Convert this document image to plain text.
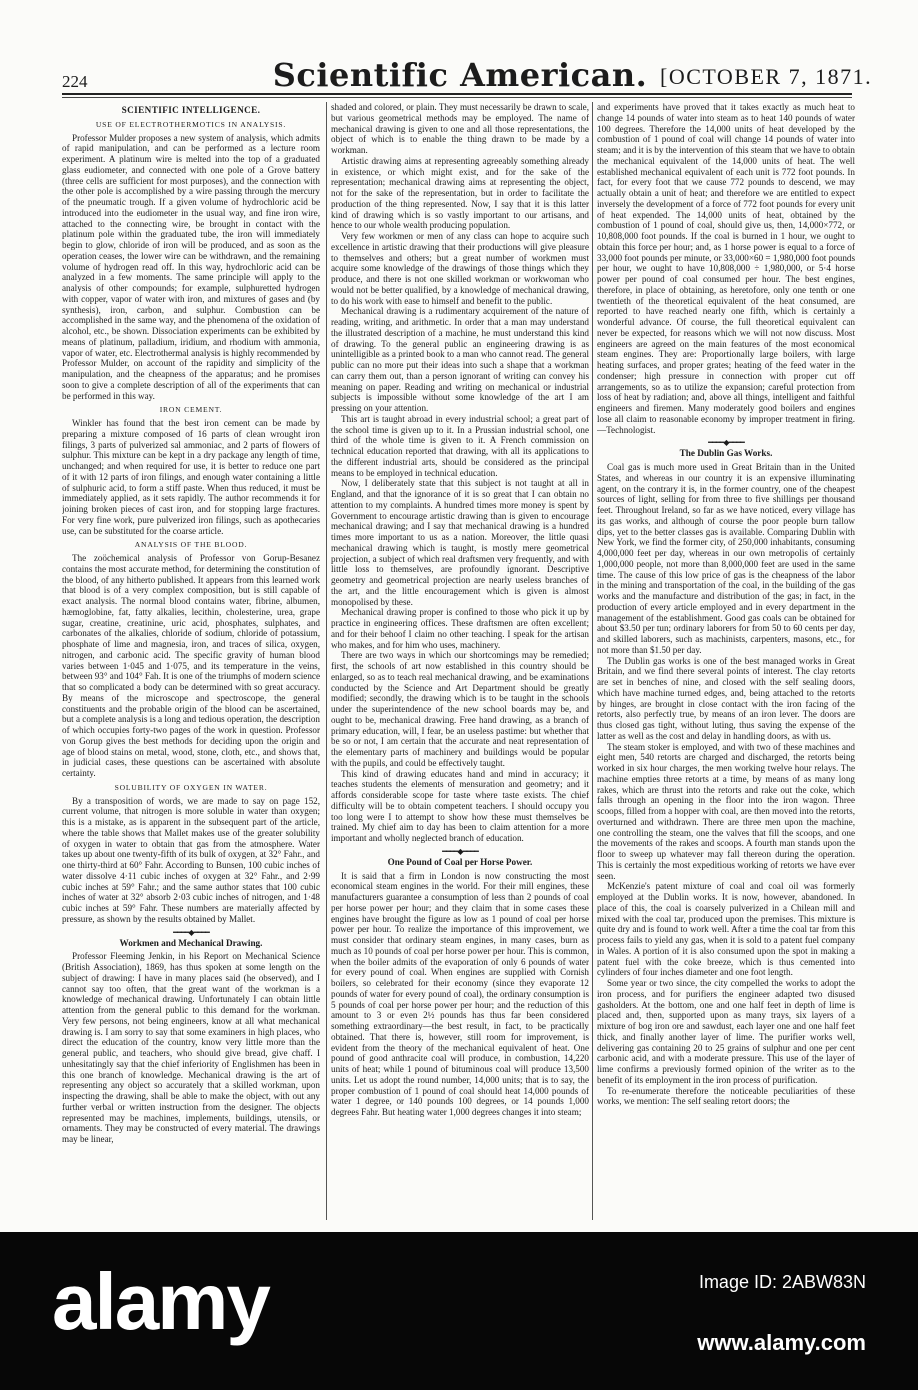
224	Scientific American. [OCTOBER 7, 1871.
SCIENTIFIC INTELLIGENCE.
USE OF ELECTROTHERMOTICS IN ANALYSIS.

Professor Mulder proposes a new system of analysis, which admits of rapid manipulation, and can be performed as a lecture room experiment. A platinum wire is melted into the top of a graduated glass eudiometer, and connected with one pole of a Grove battery (three cells are sufficient for most purposes), and the connection with the other pole is accomplished by a wire passing through the mercury of the pneumatic trough. If a given volume of hydrochloric acid be introduced into the eudiometer in the usual way, and fine iron wire, attached to the connecting wire, be brought in contact with the platinum pole within the graduated tube, the iron will immediately begin to glow, chloride of iron will be produced, and as soon as the operation ceases, the lower wire can be withdrawn, and the remaining volume of hydrogen read off. In this way, hydrochloric acid can be analyzed in a few moments. The same principle will apply to the analysis of other compounds; for example, sulphuretted hydrogen with copper, vapor of water with iron, and mixtures of gases and (by synthesis), iron, carbon, and sulphur. Combustion can be accomplished in the same way, and the phenomena of the oxidation of alcohol, etc., be shown. Dissociation experiments can be exhibited by means of platinum, palladium, iridium, and rhodium with ammonia, vapor of water, etc. Electrothermal analysis is highly recommended by Professor Mulder, on account of the rapidity and simplicity of the manipulation, and the cheapness of the apparatus; and he promises soon to give a complete description of all of the experiments that can be performed in this way.

IRON CEMENT.

Winkler has found that the best iron cement can be made by preparing a mixture composed of 16 parts of clean wrought iron filings, 3 parts of pulverized sal ammoniac, and 2 parts of flowers of sulphur. This mixture can be kept in a dry package any length of time, unchanged; and when required for use, it is better to reduce one part of it with 12 parts of iron filings, and enough water containing a little of sulphuric acid, to form a stiff paste. When thus reduced, it must be immediately applied, as it sets rapidly. The author recommends it for joining broken pieces of cast iron, and for stopping large fractures. For very fine work, pure pulverized iron filings, such as apothecaries use, can be substituted for the coarse article.

ANALYSIS OF THE BLOOD.

The zoöchemical analysis of Professor von Gorup-Besanez contains the most accurate method, for determining the constitution of the blood, of any hitherto published. It appears from this learned work that blood is of a very complex composition, but is still capable of exact analysis. The normal blood contains water, fibrine, albumen, hæmoglobine, fat, fatty alkalies, lecithin, cholesterine, urea, grape sugar, creatine, creatinine, uric acid, phosphates, sulphates, and carbonates of the alkalies, chloride of sodium, chloride of potassium, phosphate of lime and magnesia, iron, and traces of silica, oxygen, nitrogen, and carbonic acid. The specific gravity of human blood varies between 1·045 and 1·075, and its temperature in the veins, between 93° and 104° Fah. It is one of the triumphs of modern science that so complicated a body can be determined with so great accuracy. By means of the microscope and spectroscope, the general constituents and the probable origin of the blood can be ascertained, but a complete analysis is a long and tedious operation, the description of which occupies forty-two pages of the work in question. Professor von Gorup gives the best methods for deciding upon the origin and age of blood stains on metal, wood, stone, cloth, etc., and shows that, in judicial cases, these questions can be ascertained with absolute certainty.

SOLUBILITY OF OXYGEN IN WATER.

By a transposition of words, we are made to say on page 152, current volume, that nitrogen is more soluble in water than oxygen; this is a mistake, as is apparent in the subsequent part of the article, where the table shows that Mallet makes use of the greater solubility of oxygen in water to obtain that gas from the atmosphere. Water takes up about one twenty-fifth of its bulk of oxygen, at 32° Fahr., and one thirty-third at 60° Fahr. According to Bunsen, 100 cubic inches of water dissolve 4·11 cubic inches of oxygen at 32° Fahr., and 2·99 cubic inches at 59° Fahr.; and the same author states that 100 cubic inches of water at 32° absorb 2·03 cubic inches of nitrogen, and 1·48 cubic inches at 59° Fahr. These numbers are materially affected by pressure, as shown by the results obtained by Mallet.

━━━━◆━━━━
Workmen and Mechanical Drawing.

Professor Fleeming Jenkin, in his Report on Mechanical Science (British Association), 1869, has thus spoken at some length on the subject of drawing: I have in many places said (he observed), and I cannot say too often, that the great want of the workman is a knowledge of mechanical drawing. Unfortunately I can obtain little attention from the general public to this demand for the workman. Very few persons, not being engineers, know at all what mechanical drawing is. I am sorry to say that some examiners in high places, who direct the education of the country, know very little more than the general public, and teachers, who should give bread, give chaff. I unhesitatingly say that the chief inferiority of Englishmen has been in this one branch of knowledge. Mechanical drawing is the art of representing any object so accurately that a skilled workman, upon inspecting the drawing, shall be able to make the object, with out any further verbal or written instruction from the designer. The objects represented may be machines, implements, buildings, utensils, or ornaments. They may be constructed of every material. The drawings may be linear,

shaded and colored, or plain. They must necessarily be drawn to scale, but various geometrical methods may be employed. The name of mechanical drawing is given to one and all those representations, the object of which is to enable the thing drawn to be made by a workman.

Artistic drawing aims at representing agreeably something already in existence, or which might exist, and for the sake of the representation; mechanical drawing aims at representing the object, not for the sake of the representation, but in order to facilitate the production of the thing represented. Now, I say that it is this latter kind of drawing which is so vastly important to our artisans, and hence to our whole wealth producing population.

Very few workmen or men of any class can hope to acquire such excellence in artistic drawing that their productions will give pleasure to themselves and others; but a great number of workmen must acquire some knowledge of the drawings of those things which they produce, and there is not one skilled workman or workwoman who would not be better qualified, by a knowledge of mechanical drawing, to do his work with ease to himself and benefit to the public.

Mechanical drawing is a rudimentary acquirement of the nature of reading, writing, and arithmetic. In order that a man may understand the illustrated description of a machine, he must understand this kind of drawing. To the general public an engineering drawing is as unintelligible as a printed book to a man who cannot read. The general public can no more put their ideas into such a shape that a workman can carry them out, than a person ignorant of writing can convey his meaning on paper. Reading and writing on mechanical or industrial subjects is impossible without some knowledge of the art I am pressing on your attention.

This art is taught abroad in every industrial school; a great part of the school time is given up to it. In a Prussian industrial school, one third of the whole time is given to it. A French commission on technical education reported that drawing, with all its applications to the different industrial arts, should be considered as the principal means to be employed in technical education.

Now, I deliberately state that this subject is not taught at all in England, and that the ignorance of it is so great that I can obtain no attention to my complaints. A hundred times more money is spent by Government to encourage artistic drawing than is given to encourage mechanical drawing; and I say that mechanical drawing is a hundred times more important to us as a nation. Moreover, the little quasi mechanical drawing which is taught, is mostly mere geometrical projection, a subject of which real draftsmen very frequently, and with little loss to themselves, are profoundly ignorant. Descriptive geometry and geometrical projection are nearly useless branches of the art, and the little encouragement which is given is almost monopolised by these.

Mechanical drawing proper is confined to those who pick it up by practice in engineering offices. These draftsmen are often excellent; and for their behoof I claim no other teaching. I speak for the artisan who makes, and for him who uses, machinery.

There are two ways in which our shortcomings may be remedied; first, the schools of art now established in this country should be enlarged, so as to teach real mechanical drawing, and be examinations conducted by the Science and Art Department should be greatly modified; secondly, the drawing which is to be taught in the schools under the superintendence of the new school boards may be, and ought to be, mechanical drawing. Free hand drawing, as a branch of primary education, will, I fear, be an useless pastime: but whether that be so or not, I am certain that the accurate and neat representation of the elementary parts of machinery and buildings would be popular with the pupils, and could be effectively taught.

This kind of drawing educates hand and mind in accuracy; it teaches students the elements of mensuration and geometry; and it affords considerable scope for taste where taste exists. The chief difficulty will be to obtain competent teachers. I should occupy you too long were I to attempt to show how these must themselves be trained. My chief aim to day has been to claim attention for a more important and wholly neglected branch of education.

━━━━◆━━━━
One Pound of Coal per Horse Power.

It is said that a firm in London is now constructing the most economical steam engines in the world. For their mill engines, these manufacturers guarantee a consumption of less than 2 pounds of coal per horse power per hour; and they claim that in some cases these engines have brought the figure as low as 1 pound of coal per horse power per hour. To realize the importance of this improvement, we must consider that ordinary steam engines, in many cases, burn as much as 10 pounds of coal per horse power per hour. This is common, when the boiler admits of the evaporation of only 6 pounds of water for every pound of coal. When engines are supplied with Cornish boilers, so celebrated for their economy (since they evaporate 12 pounds of water for every pound of coal), the ordinary consumption is 5 pounds of coal per horse power per hour; and the reduction of this amount to 3 or even 2½ pounds has thus far been considered something extraordinary—the best result, in fact, to be practically obtained. That there is, however, still room for improvement, is evident from the theory of the mechanical equivalent of heat. One pound of good anthracite coal will produce, in combustion, 14,220 units of heat; while 1 pound of bituminous coal will produce 13,500 units. Let us adopt the round number, 14,000 units; that is to say, the proper combustion of 1 pound of coal should heat 14,000 pounds of water 1 degree, or 140 pounds 100 degrees, or 14 pounds 1,000 degrees Fahr. But heating water 1,000 degrees changes it into steam;

and experiments have proved that it takes exactly as much heat to change 14 pounds of water into steam as to heat 140 pounds of water 100 degrees. Therefore the 14,000 units of heat developed by the combustion of 1 pound of coal will change 14 pounds of water into steam; and it is by the intervention of this steam that we have to obtain the mechanical equivalent of the 14,000 units of heat. The well established mechanical equivalent of each unit is 772 foot pounds. In fact, for every foot that we cause 772 pounds to descend, we may actually obtain a unit of heat; and therefore we are entitled to expect inversely the development of a force of 772 foot pounds for every unit of heat expended. The 14,000 units of heat, obtained by the combustion of 1 pound of coal, should give us, then, 14,000×772, or 10,808,000 foot pounds. If the coal is burned in 1 hour, we ought to obtain this force per hour; and, as 1 horse power is equal to a force of 33,000 foot pounds per minute, or 33,000×60 = 1,980,000 foot pounds per hour, we ought to have 10,808,000 ÷ 1,980,000, or 5·4 horse power per pound of coal consumed per hour. The best engines, therefore, in place of obtaining, as heretofore, only one tenth or one twentieth of the theoretical equivalent of the heat consumed, are reported to have reached nearly one fifth, which is certainly a wonderful advance. Of course, the full theoretical equivalent can never be expected, for reasons which we will not now discuss. Most engineers are agreed on the main features of the most economical steam engines. They are: Proportionally large boilers, with large heating surfaces, and proper grates; heating of the feed water in the condenser; high pressure in connection with proper cut off arrangements, so as to utilize the expansion; careful protection from loss of heat by radiation; and, above all things, intelligent and faithful engineers and firemen. Many moderately good boilers and engines lose all claim to reasonable economy by improper treatment in firing.—Technologist.

━━━━◆━━━━
The Dublin Gas Works.

Coal gas is much more used in Great Britain than in the United States, and whereas in our country it is an expensive illuminating agent, on the contrary it is, in the former country, one of the cheapest sources of light, selling for from three to five shillings per thousand feet. Throughout Ireland, so far as we have noticed, every village has its gas works, and although of course the poor people burn tallow dips, yet to the better classes gas is available. Comparing Dublin with New York, we find the former city, of 250,000 inhabitants, consuming 4,000,000 feet per day, whereas in our own metropolis of certainly 1,000,000 people, not more than 8,000,000 feet are used in the same time. The cause of this low price of gas is the cheapness of the labor in the mining and transportation of the coal, in the building of the gas works and the manufacture and distribution of the gas; in fact, in the production of every article employed and in every department in the management of the establishment. Good gas coals can be obtained for about $3.50 per tun; ordinary laborers for from 50 to 60 cents per day, and skilled laborers, such as machinists, carpenters, masons, etc., for not more than $1.50 per day.

The Dublin gas works is one of the best managed works in Great Britain, and we find there several points of interest. The clay retorts are set in benches of nine, and closed with the self sealing doors, which have machine turned edges, and, being attached to the retorts by hinges, are brought in close contact with the iron facing of the retorts, also perfectly true, by means of an iron lever. The doors are thus closed gas tight, without luting, thus saving the expense of the latter as well as the cost and delay in handling doors, as with us.

The steam stoker is employed, and with two of these machines and eight men, 540 retorts are charged and discharged, the retorts being worked in six hour charges, the men working twelve hour relays. The machine empties three retorts at a time, by means of as many long rakes, which are thrust into the retorts and rake out the coke, which falls through an opening in the floor into the iron wagon. Three scoops, filled from a hopper with coal, are then moved into the retorts, overturned and withdrawn. There are three men upon the machine, one controlling the steam, one the valves that fill the scoops, and one the movements of the rakes and scoops. A fourth man stands upon the floor to sweep up whatever may fall thereon during the operation. This is certainly the most expeditious working of retorts we have ever seen.

McKenzie's patent mixture of coal and coal oil was formerly employed at the Dublin works. It is now, however, abandoned. In place of this, the coal is coarsely pulverized in a Chilean mill and mixed with the coal tar, produced upon the premises. This mixture is quite dry and is found to work well. After a time the coal tar from this process fails to yield any gas, when it is sold to a patent fuel company in Wales. A portion of it is also consumed upon the spot in making a patent fuel with the coke breeze, which is thus cemented into cylinders of four inches diameter and one foot length.

Some year or two since, the city compelled the works to adopt the iron process, and for purifiers the engineer adapted two disused gasholders. At the bottom, one and one half feet in depth of lime is placed and, then, supported upon as many trays, six layers of a mixture of bog iron ore and sawdust, each layer one and one half feet thick, and finally another layer of lime. The purifier works well, delivering gas containing 20 to 25 grains of sulphur and one per cent carbonic acid, and with a moderate pressure. This use of the layer of lime confirms a previously formed opinion of the writer as to the benefit of its employment in the iron process of purification.

To re-enumerate therefore the noticeable peculiarities of these works, we mention: The self sealing retort doors; the

alamy	Image ID: 2ABW83N
www.alamy.com
